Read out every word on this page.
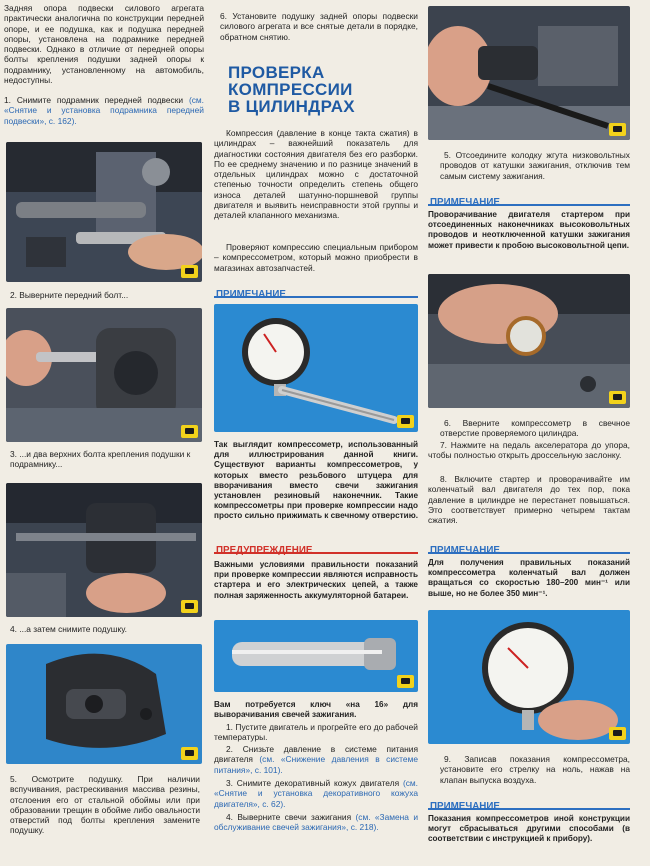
Задняя опора подвески силового агрегата практически аналогична по конструкции передней опоре, и ее подушка, как и подушка передней опоры, установлена на подрамнике передней подвески. Однако в отличие от передней опоры болты крепления подушки задней опоры к подрамнику, установленному на автомобиль, недоступны.

1. Снимите подрамник передней подвески (см. «Снятие и установка подрамника передней подвески», с. 162).

2. Выверните передний болт...
3. ...и два верхних болта крепления подушки к подрамнику...
4. ...а затем снимите подушку.

5. Осмотрите подушку. При наличии вспучивания, растрескивания массива резины, отслоения его от стальной обоймы или при образовании трещин в обойме либо овальности отверстий под болты крепления замените подушку.

6. Установите подушку задней опоры подвески силового агрегата и все снятые детали в порядке, обратном снятию.

ПРОВЕРКА
КОМПРЕССИИ
В ЦИЛИНДРАХ

Компрессия (давление в конце такта сжатия) в цилиндрах – важнейший показатель для диагностики состояния двигателя без его разборки. По ее среднему значению и по разнице значений в отдельных цилиндрах можно с достаточной степенью точности определить степень общего износа деталей шатунно-поршневой группы двигателя и выявить неисправности этой группы и деталей клапанного механизма.

Проверяют компрессию специальным прибором – компрессометром, который можно приобрести в магазинах автозапчастей.

ПРИМЕЧАНИЕ

Так выглядит компрессометр, использованный для иллюстрирования данной книги. Существуют варианты компрессометров, у которых вместо резьбового штуцера для вворачивания вместо свечи зажигания установлен резиновый наконечник. Такие компрессометры при проверке компрессии надо просто сильно прижимать к свечному отверстию.

ПРЕДУПРЕЖДЕНИЕ

Важными условиями правильности показаний при проверке компрессии являются исправность стартера и его электрических цепей, а также полная заряженность аккумуляторной батареи.

Вам потребуется ключ «на 16» для выворачивания свечей зажигания.

1. Пустите двигатель и прогрейте его до рабочей температуры.

2. Снизьте давление в системе питания двигателя (см. «Снижение давления в системе питания», с. 101).

3. Снимите декоративный кожух двигателя (см. «Снятие и установка декоративного кожуха двигателя», с. 62).

4. Выверните свечи зажигания (см. «Замена и обслуживание свечей зажигания», с. 218).

5. Отсоедините колодку жгута низковольтных проводов от катушки зажигания, отключив тем самым систему зажигания.

ПРИМЕЧАНИЕ

Проворачивание двигателя стартером при отсоединенных наконечниках высоковольтных проводов и неотключенной катушки зажигания может привести к пробою высоковольтной цепи.

6. Вверните компрессометр в свечное отверстие проверяемого цилиндра.

7. Нажмите на педаль акселератора до упора, чтобы полностью открыть дроссельную заслонку.

8. Включите стартер и проворачивайте им коленчатый вал двигателя до тех пор, пока давление в цилиндре не перестанет повышаться. Это соответствует примерно четырем тактам сжатия.

ПРИМЕЧАНИЕ

Для получения правильных показаний компрессометра коленчатый вал должен вращаться со скоростью 180–200 мин⁻¹ или выше, но не более 350 мин⁻¹.

9. Записав показания компрессометра, установите его стрелку на ноль, нажав на клапан выпуска воздуха.

ПРИМЕЧАНИЕ

Показания компрессометров иной конструкции могут сбрасываться другими способами (в соответствии с инструкцией к прибору).
